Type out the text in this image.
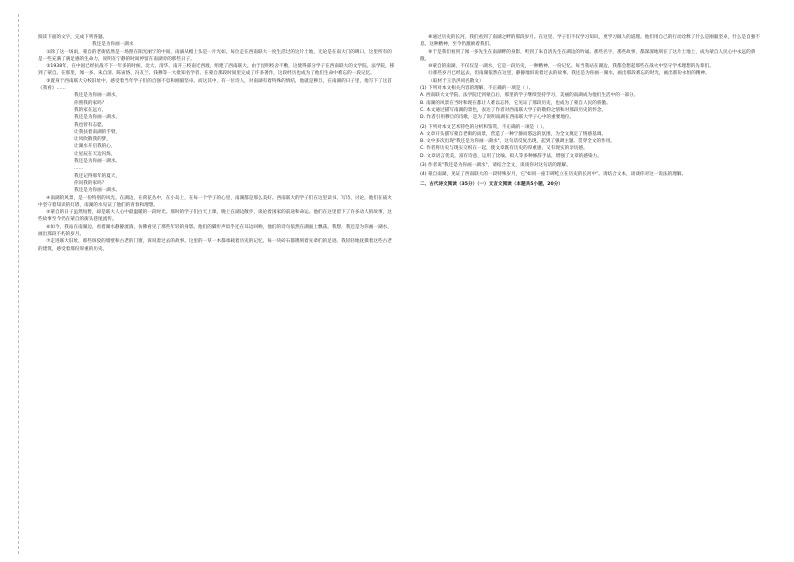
阅读下面的文字，完成下列各题。

我还是为你画一湖水

①除了这一场雨，蒙自的老街依然是一场照在阳光丽宁的中间，雨滴从檐上头是一片光如。每位走在西南联大一度生活过的这片土地，无论是在南大门的碑口，这里所有的是一些充满了满足感的生命力，说明在宁静的时间停留在南湖旁的那些日子。

②1938年，在中国已经抗战不下一年多的时候，北大、清华、南开三校南迁西渡，组建了西南联大。由于昆明校舍不敷，这使得部分学子在西南联大的文学院、法学院，移到了蒙自。在那里，闻一多、朱自清、陈寅恪、冯友兰、钱穆等一大批知名学者，在蒙自那段时间里完成了许多著作，这段经历也成为了他们生命中难忘的一段记忆。

③置身于西南联大分校旧址中，感受着当年学子们的自强不息和刚毅坚卓。而这其中，有一位诗人，对南湖有着特殊的情结，他就是穆旦。在南湖的日子里，他写下了这首《我看》……

我还是为你画一湖水，

你照我的家吗？

我的家在远方，

我还是为你画一湖水，

我也曾有志愿，

让我扶着南湖的手臂，

让风吹散我的梦，

让湖水开启我的心，

让星辰在天边闪烁，

我还是为你画一湖水。

……

我还记得那年的夏天，

你问我的家吗？

我还是为你画一湖水。

④南湖的风景，是一份特别的风光。在湖边，在荷花丛中，在小岛上，在每一个学子的心里，南湖都是那么美好。西南联大的学子们在这里读书、写诗、讨论，他们在战火中坚守着知识的灯塔，南湖的水见证了他们的青春和理想。

⑤蒙自的日子虽然短暂，却是联大人心中最温暖的一段时光。那时的学子们白天上课，晚上在湖边散步，谈论着国家的前途和命运。他们在这里留下了许多动人的故事，这些故事至今仍在蒙自的街头巷尾流传。

⑥如今，我站在南湖边，看着湖水静静流淌，仿佛看见了那些年轻的身影。他们的脚步声似乎还在耳边回响，他们的诗句依然在湖面上飘荡。我想，我还是为你画一湖水，画出那段不朽的岁月。

⑦走进联大旧址，那些斑驳的墙壁和古老的门窗，诉说着过去的故事。这里的一草一木都承载着历史的记忆，每一块砖石都镌刻着先辈们的足迹。我轻轻地抚摸着这些古老的建筑，感受着那份厚重的历史。

⑧通过历史的长河，我们看到了南湖之畔的那段岁月。在这里，学子们不仅学习知识，更学习做人的道理。他们用自己的行动诠释了什么是刚毅坚卓，什么是自强不息。这种精神，至今仍激励着我们。

⑨于是我们看到了闻一多先生在南湖畔的身影，听到了朱自清先生在湖边的吟诵。那些名字，那些故事，都深深地刻在了这片土地上，成为蒙自人民心中永远的骄傲。

⑩蒙自的南湖，不仅仅是一湖水，它是一段历史，一种精神，一份记忆。每当我站在湖边，我都会想起那些在战火中坚守学术理想的先辈们。

⑪那些岁月已经远去，但南湖依然在这里，静静地诉说着过去的故事。我还是为你画一湖水，画出那段难忘的时光，画出那份永恒的精神。

（取材于王浩洪同名散文）

(1) 下列对本文相关内容的理解，不正确的一项是（ ）。

A. 西南联大文学院、法学院迁到蒙自后，那里的学子继续坚持学习，美丽的南湖成为他们生活中的一部分。

B. 南湖的风景在当时和现在都让人难以忘怀，它见证了那段历史，也成为了蒙自人民的骄傲。

C. 本文通过描写南湖的景色，表达了作者对西南联大学子的敬仰之情和对那段历史的怀念。

D. 作者引用穆旦的诗歌，是为了说明南湖在西南联大学子心中的重要地位。

(2) 下列对本文艺术特色的分析和鉴赏，不正确的一项是（ ）。

A. 文章开头描写蒙自老街的雨景，营造了一种宁静而悠远的氛围，为全文奠定了情感基调。

B. 文中多次出现"我还是为你画一湖水"，这句话反复出现，起到了强调主题、贯穿全文的作用。

C. 作者将历史与现实交织在一起，使文章既有历史的厚重感，又有现实的亲切感。

D. 文章语言优美，富有诗意，运用了比喻、拟人等多种修辞手法，增强了文章的感染力。

(3) 作者说"我还是为你画一湖水"，请结合全文，谈谈你对这句话的理解。

(4) 蒙自南湖，见证了西南联大的一段特殊岁月，它"如同一座丰碑屹立在历史的长河中"。请结合文本，谈谈你对这一说法的理解。

二、古代诗文阅读（35分）（一）文言文阅读（本题共5小题，20分）
